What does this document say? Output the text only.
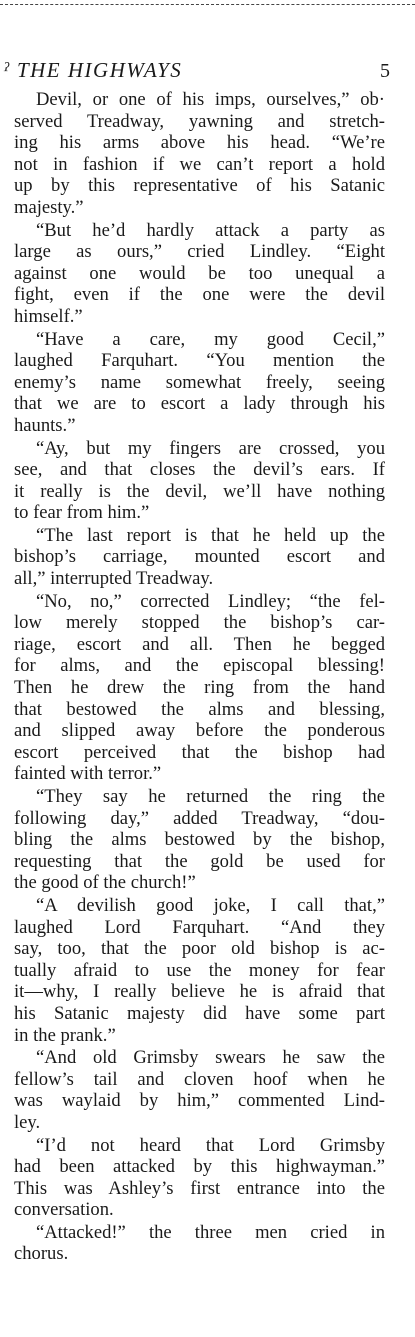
ˀ THE HIGHWAYS	5
Devil, or one of his imps, ourselves,” ob·
served Treadway, yawning and stretch-
ing his arms above his head. “We’re
not in fashion if we can’t report a hold
up by this representative of his Satanic
majesty.”
“But he’d hardly attack a party as
large as ours,” cried Lindley. “Eight
against one would be too unequal a
fight, even if the one were the devil
himself.”
“Have a care, my good Cecil,”
laughed Farquhart. “You mention the
enemy’s name somewhat freely, seeing
that we are to escort a lady through his
haunts.”
“Ay, but my fingers are crossed, you
see, and that closes the devil’s ears. If
it really is the devil, we’ll have nothing
to fear from him.”
“The last report is that he held up the
bishop’s carriage, mounted escort and
all,” interrupted Treadway.
“No, no,” corrected Lindley; “the fel-
low merely stopped the bishop’s car-
riage, escort and all. Then he begged
for alms, and the episcopal blessing!
Then he drew the ring from the hand
that bestowed the alms and blessing,
and slipped away before the ponderous
escort perceived that the bishop had
fainted with terror.”
“They say he returned the ring the
following day,” added Treadway, “dou-
bling the alms bestowed by the bishop,
requesting that the gold be used for
the good of the church!”
“A devilish good joke, I call that,”
laughed Lord Farquhart. “And they
say, too, that the poor old bishop is ac-
tually afraid to use the money for fear
it—why, I really believe he is afraid that
his Satanic majesty did have some part
in the prank.”
“And old Grimsby swears he saw the
fellow’s tail and cloven hoof when he
was waylaid by him,” commented Lind-
ley.
“I’d not heard that Lord Grimsby
had been attacked by this highwayman.”
This was Ashley’s first entrance into the
conversation.
“Attacked!” the three men cried in
chorus.
